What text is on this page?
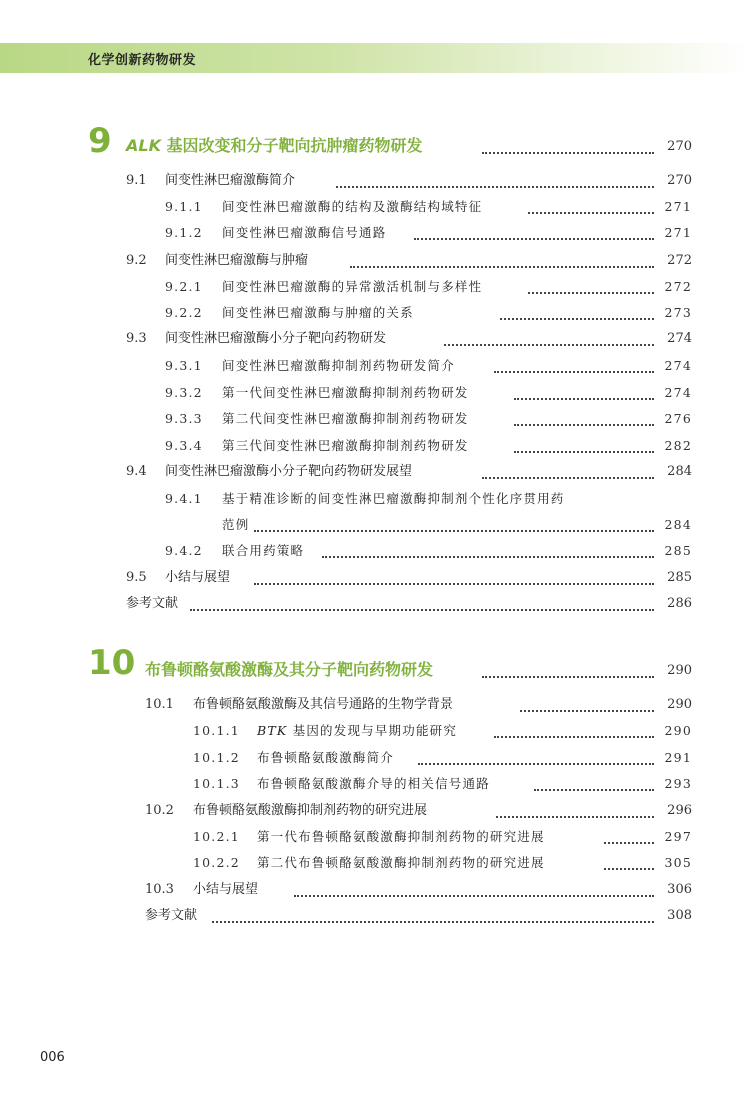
化学创新药物研发
9 ALK 基因改变和分子靶向抗肿瘤药物研发	270
9.1 间变性淋巴瘤激酶简介	270
9.1.1 间变性淋巴瘤激酶的结构及激酶结构域特征	271
9.1.2 间变性淋巴瘤激酶信号通路	271
9.2 间变性淋巴瘤激酶与肿瘤	272
9.2.1 间变性淋巴瘤激酶的异常激活机制与多样性	272
9.2.2 间变性淋巴瘤激酶与肿瘤的关系	273
9.3 间变性淋巴瘤激酶小分子靶向药物研发	274
9.3.1 间变性淋巴瘤激酶抑制剂药物研发简介	274
9.3.2 第一代间变性淋巴瘤激酶抑制剂药物研发	274
9.3.3 第二代间变性淋巴瘤激酶抑制剂药物研发	276
9.3.4 第三代间变性淋巴瘤激酶抑制剂药物研发	282
9.4 间变性淋巴瘤激酶小分子靶向药物研发展望	284
9.4.1 基于精准诊断的间变性淋巴瘤激酶抑制剂个性化序贯用药
范例	284
9.4.2 联合用药策略	285
9.5 小结与展望	285
参考文献	286
10 布鲁顿酪氨酸激酶及其分子靶向药物研发	290
10.1 布鲁顿酪氨酸激酶及其信号通路的生物学背景	290
10.1.1 BTK 基因的发现与早期功能研究	290
10.1.2 布鲁顿酪氨酸激酶简介	291
10.1.3 布鲁顿酪氨酸激酶介导的相关信号通路	293
10.2 布鲁顿酪氨酸激酶抑制剂药物的研究进展	296
10.2.1 第一代布鲁顿酪氨酸激酶抑制剂药物的研究进展	297
10.2.2 第二代布鲁顿酪氨酸激酶抑制剂药物的研究进展	305
10.3 小结与展望	306
参考文献	308
006
